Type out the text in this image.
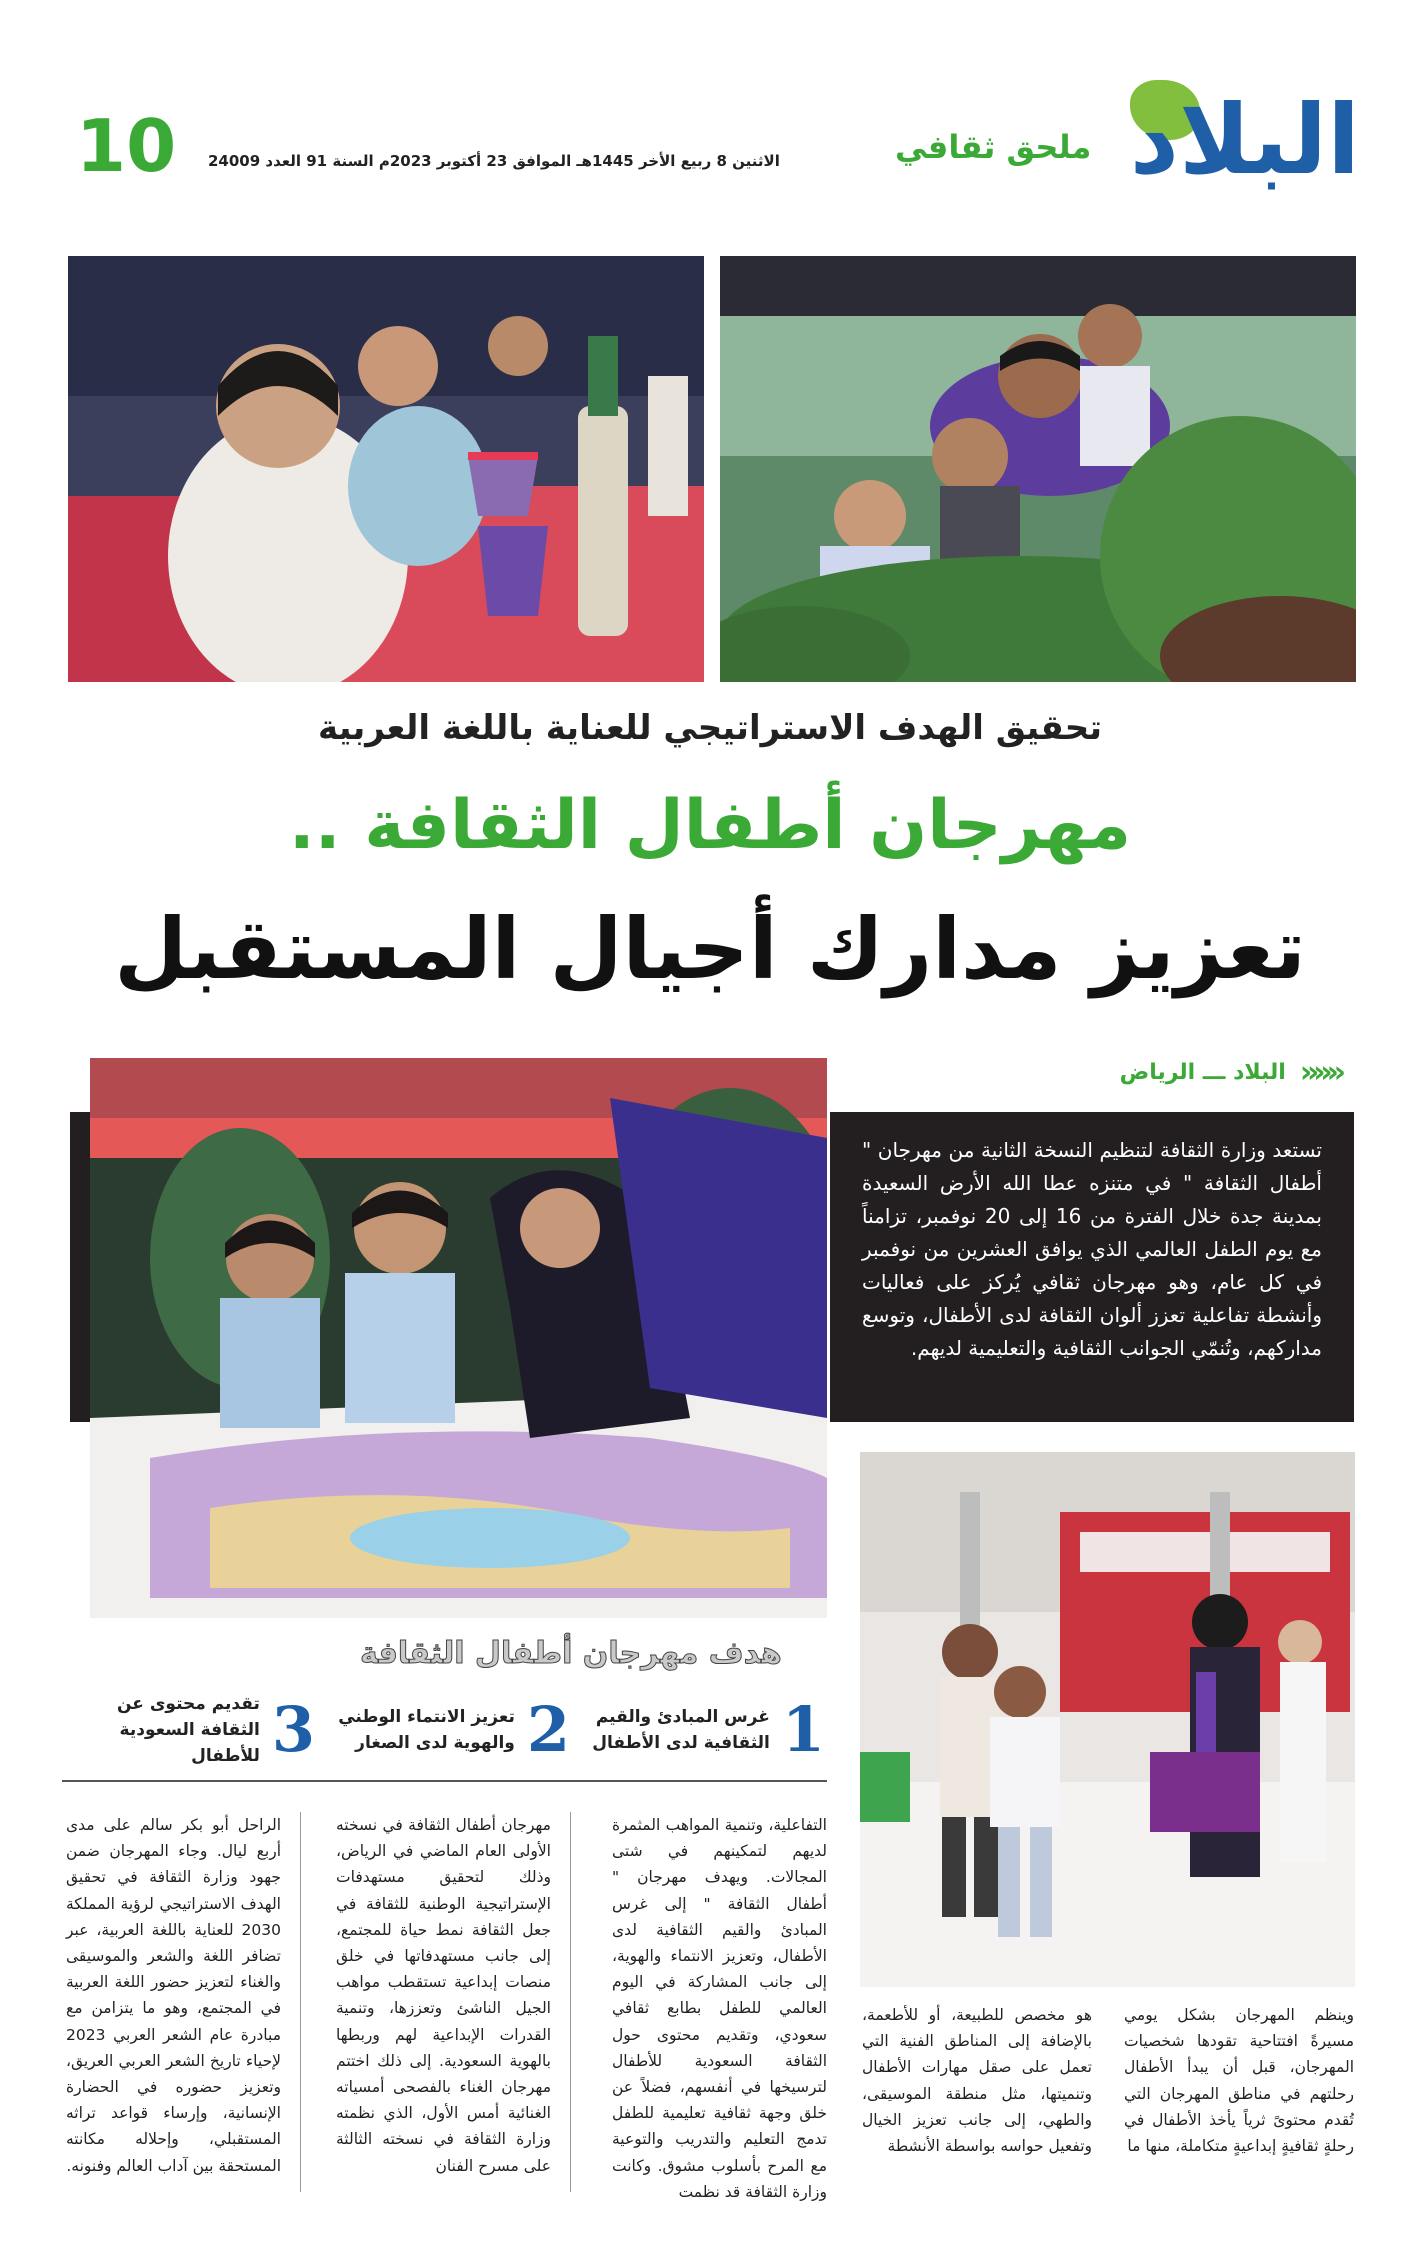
البلاد
ملحق ثقافي
الاثنين 8 ربيع الأخر 1445هـ الموافق 23 أكتوبر 2023م السنة 91 العدد 24009
10
تحقيق الهدف الاستراتيجي للعناية باللغة العربية
مهرجان أطفال الثقافة ..
تعزيز مدارك أجيال المستقبل
«««
البلاد ـــ الرياض

تستعد وزارة الثقافة لتنظيم النسخة الثانية من مهرجان " أطفال الثقافة " في متنزه عطا الله الأرض السعيدة بمدينة جدة خلال الفترة من 16 إلى 20 نوفمبر، تزامناً مع يوم الطفل العالمي الذي يوافق العشرين من نوفمبر في كل عام، وهو مهرجان ثقافي يُركز على فعاليات وأنشطة تفاعلية تعزز ألوان الثقافة لدى الأطفال، وتوسع مداركهم، وتُنمّي الجوانب الثقافية والتعليمية لديهم.

هدف مهرجان أطفال الثقافة
1
غرس المبادئ والقيم الثقافية لدى الأطفال
2
تعزيز الانتماء الوطني والهوية لدى الصغار
3
تقديم محتوى عن الثقافة السعودية للأطفال
التفاعلية، وتنمية المواهب المثمرة لديهم لتمكينهم في شتى المجالات. ويهدف مهرجان " أطفال الثقافة " إلى غرس المبادئ والقيم الثقافية لدى الأطفال، وتعزيز الانتماء والهوية، إلى جانب المشاركة في اليوم العالمي للطفل بطابع ثقافي سعودي، وتقديم محتوى حول الثقافة السعودية للأطفال لترسيخها في أنفسهم، فضلاً عن خلق وجهة ثقافية تعليمية للطفل تدمج التعليم والتدريب والتوعية مع المرح بأسلوب مشوق. وكانت وزارة الثقافة قد نظمت
مهرجان أطفال الثقافة في نسخته الأولى العام الماضي في الرياض، وذلك لتحقيق مستهدفات الإستراتيجية الوطنية للثقافة في جعل الثقافة نمط حياة للمجتمع، إلى جانب مستهدفاتها في خلق منصات إبداعية تستقطب مواهب الجيل الناشئ وتعززها، وتنمية القدرات الإبداعية لهم وربطها بالهوية السعودية. إلى ذلك اختتم مهرجان الغناء بالفصحى أمسياته الغنائية أمس الأول، الذي نظمته وزارة الثقافة في نسخته الثالثة على مسرح الفنان
الراحل أبو بكر سالم على مدى أربع ليال. وجاء المهرجان ضمن جهود وزارة الثقافة في تحقيق الهدف الاستراتيجي لرؤية المملكة 2030 للعناية باللغة العربية، عبر تضافر اللغة والشعر والموسيقى والغناء لتعزيز حضور اللغة العربية في المجتمع، وهو ما يتزامن مع مبادرة عام الشعر العربي 2023 لإحياء تاريخ الشعر العربي العريق، وتعزيز حضوره في الحضارة الإنسانية، وإرساء قواعد تراثه المستقبلي، وإحلاله مكانته المستحقة بين آداب العالم وفنونه.
وينظم المهرجان بشكل يومي مسيرةً افتتاحية تقودها شخصيات المهرجان، قبل أن يبدأ الأطفال رحلتهم في مناطق المهرجان التي تُقدم محتوىً ثرياً يأخذ الأطفال في رحلةٍ ثقافيةٍ إبداعيةٍ متكاملة، منها ما
هو مخصص للطبيعة، أو للأطعمة، بالإضافة إلى المناطق الفنية التي تعمل على صقل مهارات الأطفال وتنميتها، مثل منطقة الموسيقى، والطهي، إلى جانب تعزيز الخيال وتفعيل حواسه بواسطة الأنشطة
